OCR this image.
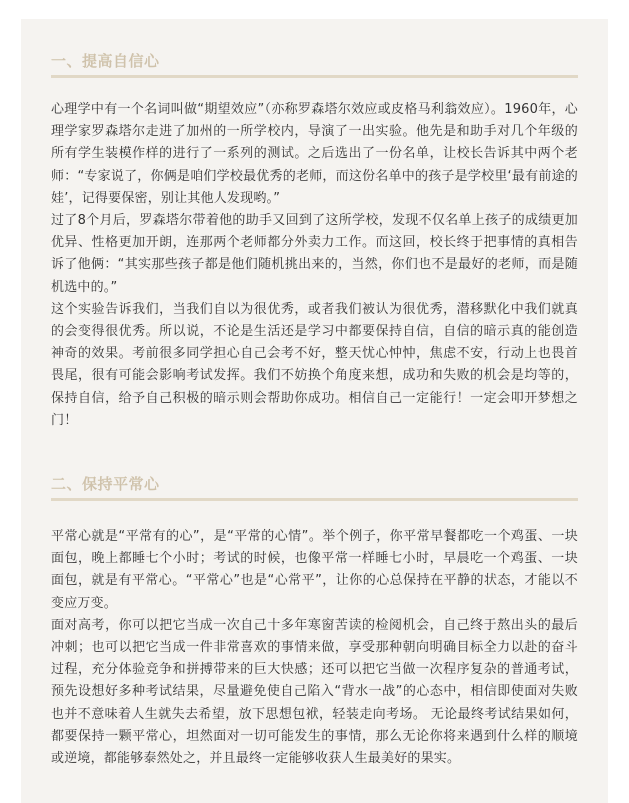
一、提高自信心

心理学中有一个名词叫做“期望效应”（亦称罗森塔尔效应或皮格马利翁效应）。1960年，心理学家罗森塔尔走进了加州的一所学校内，导演了一出实验。他先是和助手对几个年级的所有学生装模作样的进行了一系列的测试。之后选出了一份名单，让校长告诉其中两个老师：“专家说了，你俩是咱们学校最优秀的老师，而这份名单中的孩子是学校里‘最有前途的娃’，记得要保密，别让其他人发现哟。”

过了8个月后，罗森塔尔带着他的助手又回到了这所学校，发现不仅名单上孩子的成绩更加优异、性格更加开朗，连那两个老师都分外卖力工作。而这回，校长终于把事情的真相告诉了他俩：“其实那些孩子都是他们随机挑出来的，当然，你们也不是最好的老师，而是随机选中的。”

这个实验告诉我们，当我们自以为很优秀，或者我们被认为很优秀，潜移默化中我们就真的会变得很优秀。所以说，不论是生活还是学习中都要保持自信，自信的暗示真的能创造神奇的效果。考前很多同学担心自己会考不好，整天忧心忡忡，焦虑不安，行动上也畏首畏尾，很有可能会影响考试发挥。我们不妨换个角度来想，成功和失败的机会是均等的，保持自信，给予自己积极的暗示则会帮助你成功。相信自己一定能行！一定会叩开梦想之门！

二、保持平常心

平常心就是“平常有的心”，是“平常的心情”。举个例子，你平常早餐都吃一个鸡蛋、一块面包，晚上都睡七个小时；考试的时候，也像平常一样睡七小时，早晨吃一个鸡蛋、一块面包，就是有平常心。“平常心”也是“心常平”，让你的心总保持在平静的状态，才能以不变应万变。

面对高考，你可以把它当成一次自己十多年寒窗苦读的检阅机会，自己终于熬出头的最后冲刺；也可以把它当成一件非常喜欢的事情来做，享受那种朝向明确目标全力以赴的奋斗过程，充分体验竞争和拼搏带来的巨大快感；还可以把它当做一次程序复杂的普通考试，预先设想好多种考试结果，尽量避免使自己陷入“背水一战”的心态中，相信即使面对失败也并不意味着人生就失去希望，放下思想包袱，轻装走向考场。 无论最终考试结果如何，都要保持一颗平常心，坦然面对一切可能发生的事情，那么无论你将来遇到什么样的顺境或逆境，都能够泰然处之，并且最终一定能够收获人生最美好的果实。
